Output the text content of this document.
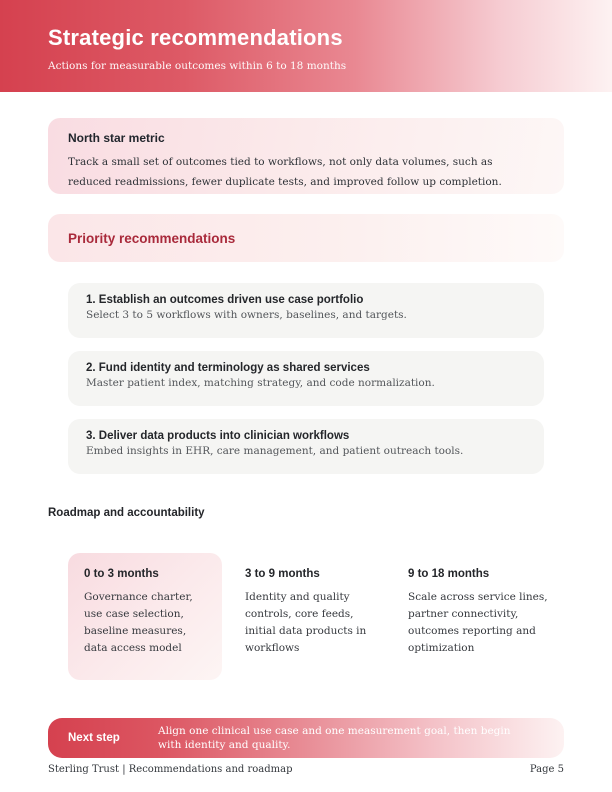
Strategic recommendations
Actions for measurable outcomes within 6 to 18 months
North star metric

Track a small set of outcomes tied to workflows, not only data volumes, such as reduced readmissions, fewer duplicate tests, and improved follow up completion.

Priority recommendations
1. Establish an outcomes driven use case portfolio

Select 3 to 5 workflows with owners, baselines, and targets.

2. Fund identity and terminology as shared services

Master patient index, matching strategy, and code normalization.

3. Deliver data products into clinician workflows

Embed insights in EHR, care management, and patient outreach tools.

Roadmap and accountability
0 to 3 months

Governance charter, use case selection, baseline measures, data access model

3 to 9 months

Identity and quality controls, core feeds, initial data products in workflows

9 to 18 months

Scale across service lines, partner connectivity, outcomes reporting and optimization

Next step
Align one clinical use case and one measurement goal, then begin with identity and quality.
Sterling Trust | Recommendations and roadmap	Page 5
